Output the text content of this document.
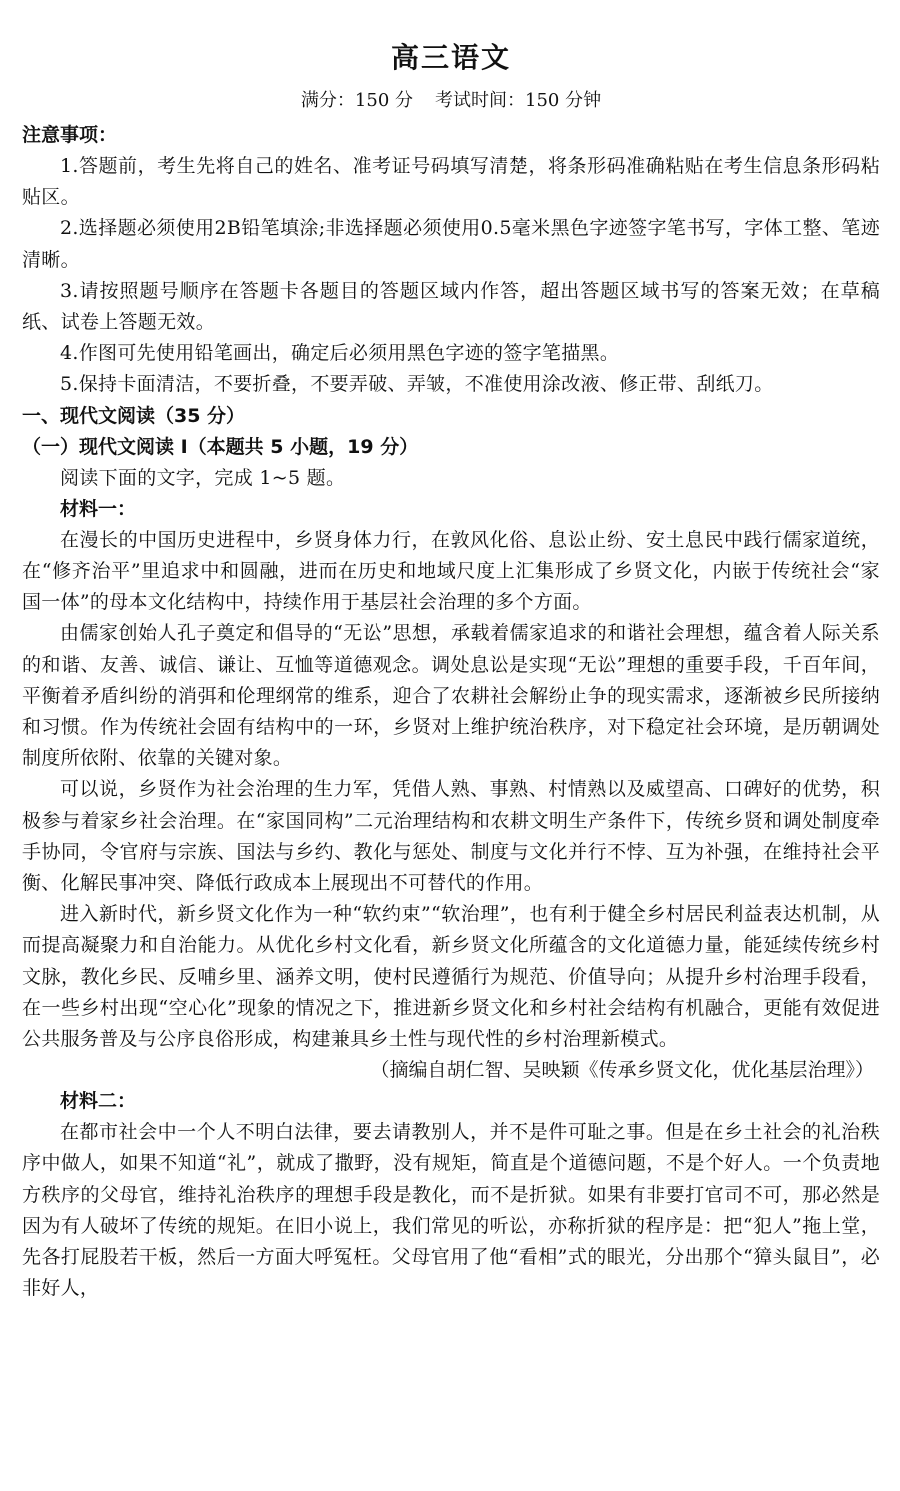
高三语文
满分：150 分 考试时间：150 分钟
注意事项：
1.答题前，考生先将自己的姓名、准考证号码填写清楚，将条形码准确粘贴在考生信息条形码粘贴区。
2.选择题必须使用2B铅笔填涂;非选择题必须使用0.5毫米黑色字迹签字笔书写，字体工整、笔迹清晰。
3.请按照题号顺序在答题卡各题目的答题区域内作答，超出答题区域书写的答案无效；在草稿纸、试卷上答题无效。
4.作图可先使用铅笔画出，确定后必须用黑色字迹的签字笔描黑。
5.保持卡面清洁，不要折叠，不要弄破、弄皱，不准使用涂改液、修正带、刮纸刀。
一、现代文阅读（35 分）
（一）现代文阅读 I（本题共 5 小题，19 分）

阅读下面的文字，完成 1~5 题。

材料一：

在漫长的中国历史进程中，乡贤身体力行，在敦风化俗、息讼止纷、安土息民中践行儒家道统，在“修齐治平”里追求中和圆融，进而在历史和地域尺度上汇集形成了乡贤文化，内嵌于传统社会“家国一体”的母本文化结构中，持续作用于基层社会治理的多个方面。

由儒家创始人孔子奠定和倡导的“无讼”思想，承载着儒家追求的和谐社会理想，蕴含着人际关系的和谐、友善、诚信、谦让、互恤等道德观念。调处息讼是实现“无讼”理想的重要手段，千百年间，平衡着矛盾纠纷的消弭和伦理纲常的维系，迎合了农耕社会解纷止争的现实需求，逐渐被乡民所接纳和习惯。作为传统社会固有结构中的一环，乡贤对上维护统治秩序，对下稳定社会环境，是历朝调处制度所依附、依靠的关键对象。

可以说，乡贤作为社会治理的生力军，凭借人熟、事熟、村情熟以及威望高、口碑好的优势，积极参与着家乡社会治理。在“家国同构”二元治理结构和农耕文明生产条件下，传统乡贤和调处制度牵手协同，令官府与宗族、国法与乡约、教化与惩处、制度与文化并行不悖、互为补强，在维持社会平衡、化解民事冲突、降低行政成本上展现出不可替代的作用。

进入新时代，新乡贤文化作为一种“软约束”“软治理”，也有利于健全乡村居民利益表达机制，从而提高凝聚力和自治能力。从优化乡村文化看，新乡贤文化所蕴含的文化道德力量，能延续传统乡村文脉，教化乡民、反哺乡里、涵养文明，使村民遵循行为规范、价值导向；从提升乡村治理手段看，在一些乡村出现“空心化”现象的情况之下，推进新乡贤文化和乡村社会结构有机融合，更能有效促进公共服务普及与公序良俗形成，构建兼具乡土性与现代性的乡村治理新模式。

（摘编自胡仁智、吴映颖《传承乡贤文化，优化基层治理》）

材料二：

在都市社会中一个人不明白法律，要去请教别人，并不是件可耻之事。但是在乡土社会的礼治秩序中做人，如果不知道“礼”，就成了撒野，没有规矩，简直是个道德问题，不是个好人。一个负责地方秩序的父母官，维持礼治秩序的理想手段是教化，而不是折狱。如果有非要打官司不可，那必然是因为有人破坏了传统的规矩。在旧小说上，我们常见的听讼，亦称折狱的程序是：把“犯人”拖上堂，先各打屁股若干板，然后一方面大呼冤枉。父母官用了他“看相”式的眼光，分出那个“獐头鼠目”，必非好人，
